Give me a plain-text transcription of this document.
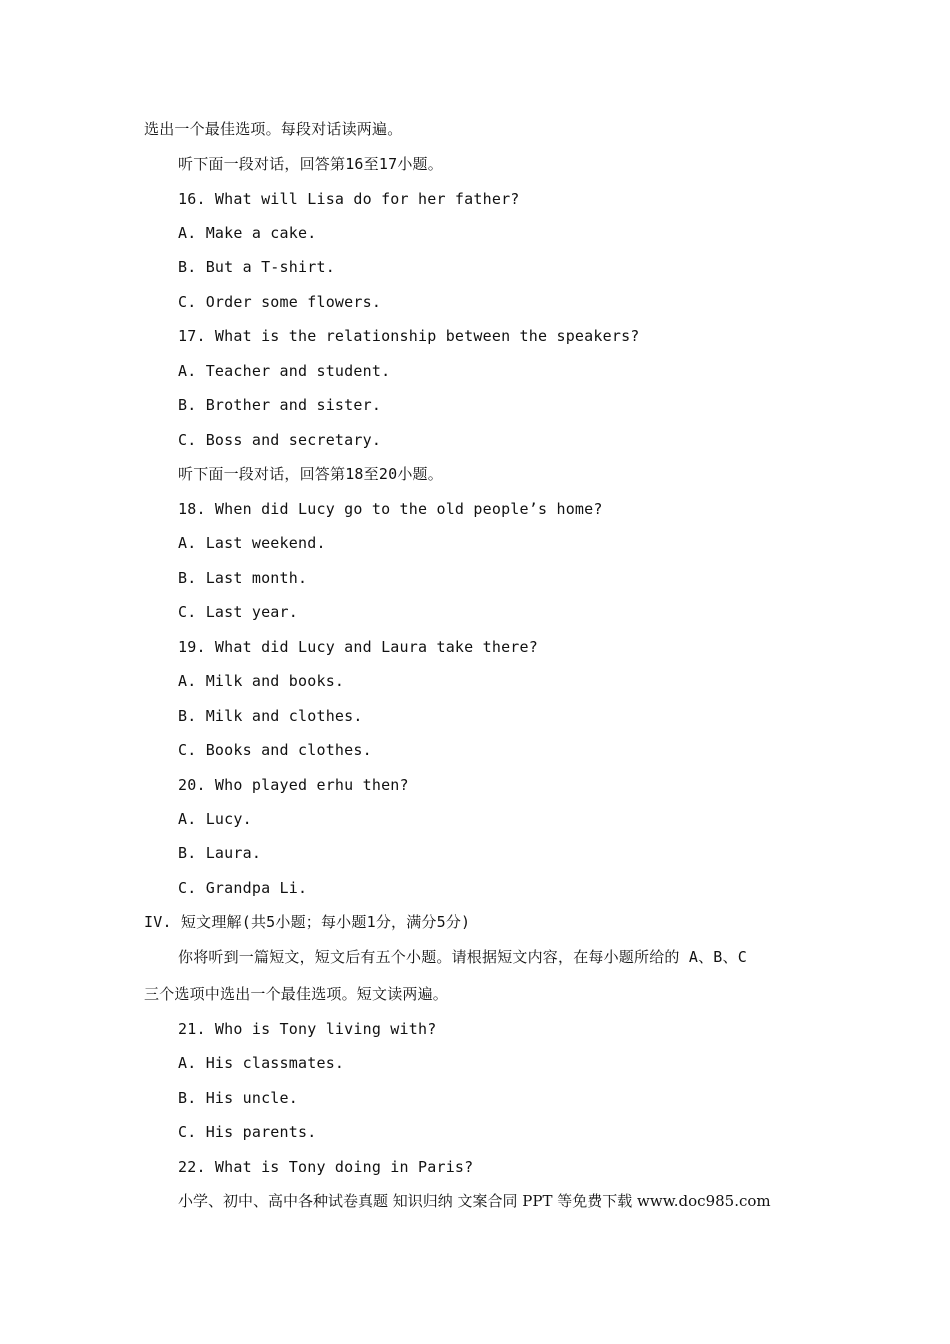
选出一个最佳选项。每段对话读两遍。
听下面一段对话，回答第16至17小题。
16. What will Lisa do for her father?
A. Make a cake.
B. But a T-shirt.
C. Order some flowers.
17. What is the relationship between the speakers?
A. Teacher and student.
B. Brother and sister.
C. Boss and secretary.
听下面一段对话，回答第18至20小题。
18. When did Lucy go to the old people’s home?
A. Last weekend.
B. Last month.
C. Last year.
19. What did Lucy and Laura take there?
A. Milk and books.
B. Milk and clothes.
C. Books and clothes.
20. Who played erhu then?
A. Lucy.
B. Laura.
C. Grandpa Li.
IV. 短文理解(共5小题；每小题1分，满分5分)
你将听到一篇短文，短文后有五个小题。请根据短文内容，在每小题所给的 A、B、C
三个选项中选出一个最佳选项。短文读两遍。
21. Who is Tony living with?
A. His classmates.
B. His uncle.
C. His parents.
22. What is Tony doing in Paris?
小学、初中、高中各种试卷真题 知识归纳 文案合同 PPT 等免费下载 www.doc985.com
